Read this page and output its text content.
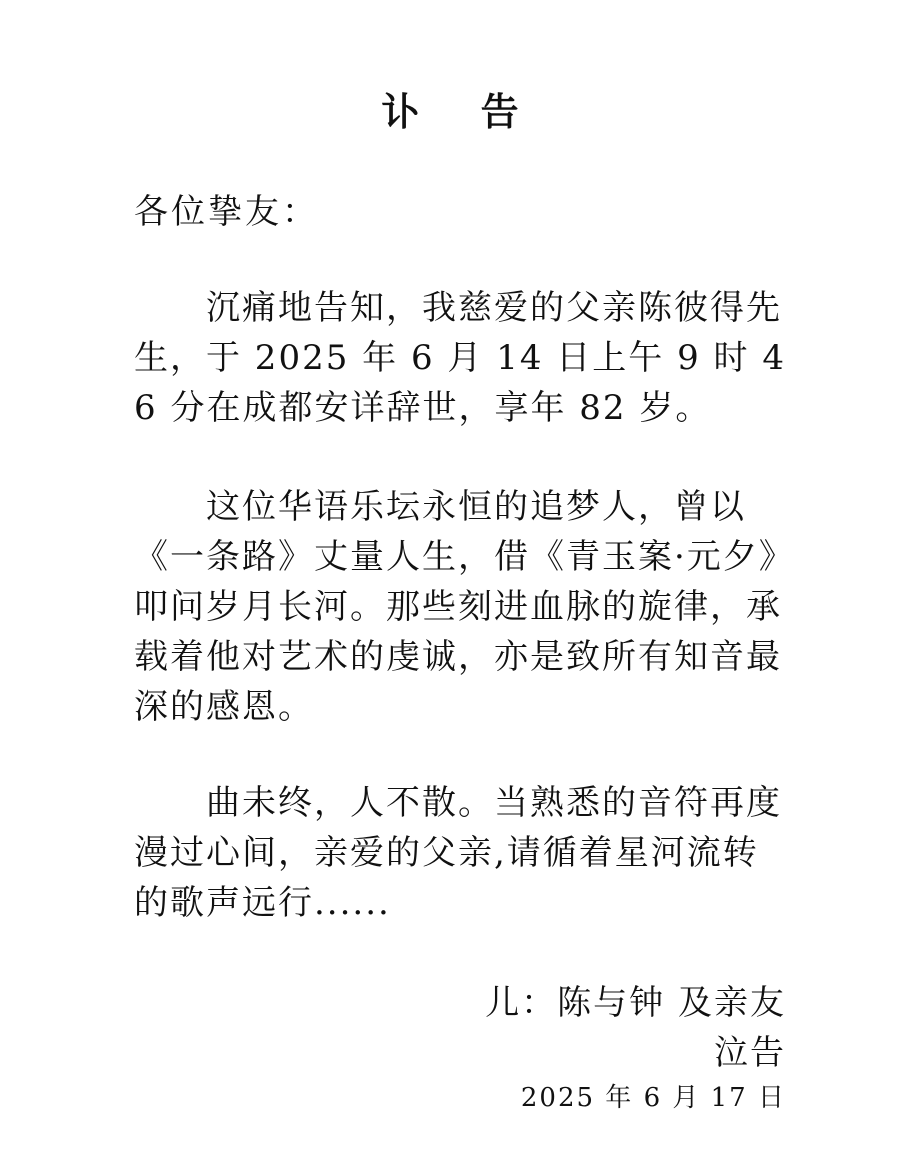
讣 告

各位挚友：

沉痛地告知，我慈爱的父亲陈彼得先生，于 2025 年 6 月 14 日上午 9 时 46 分在成都安详辞世，享年 82 岁。

这位华语乐坛永恒的追梦人，曾以《一条路》丈量人生，借《青玉案·元夕》叩问岁月长河。那些刻进血脉的旋律，承载着他对艺术的虔诚，亦是致所有知音最深的感恩。

曲未终，人不散。当熟悉的音符再度漫过心间，亲爱的父亲,请循着星河流转的歌声远行......

儿：陈与钟 及亲友
泣告
2025 年 6 月 17 日
